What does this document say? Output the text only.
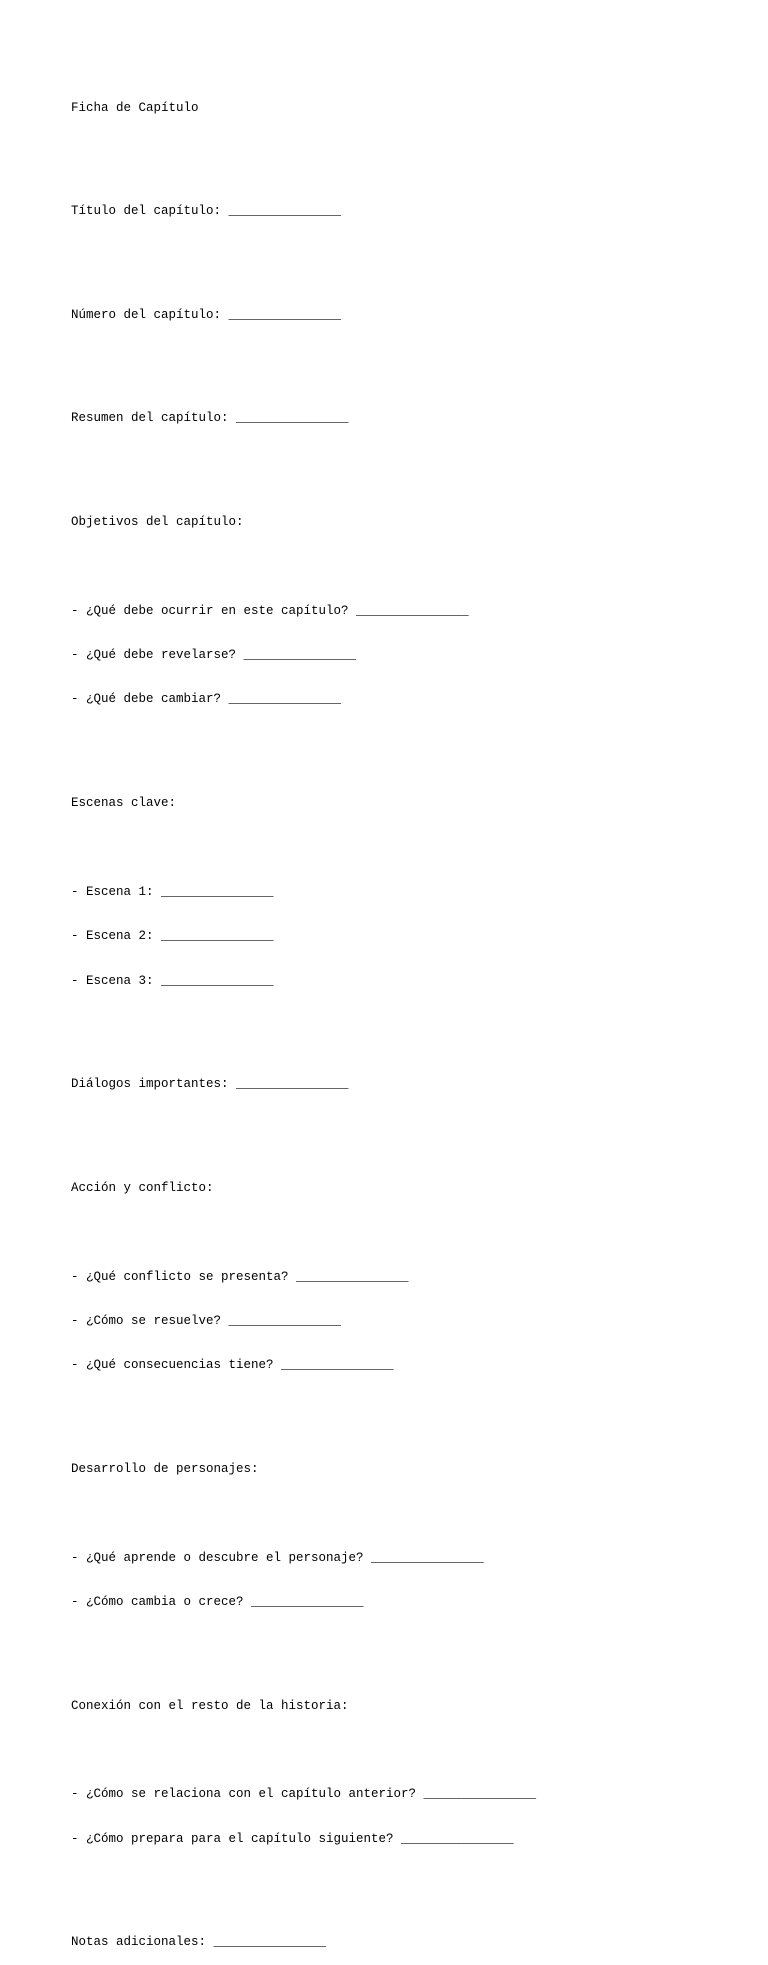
Ficha de Capítulo

Título del capítulo: _______________

Número del capítulo: _______________

Resumen del capítulo: _______________

Objetivos del capítulo:

- ¿Qué debe ocurrir en este capítulo? _______________

- ¿Qué debe revelarse? _______________

- ¿Qué debe cambiar? _______________

Escenas clave:

- Escena 1: _______________

- Escena 2: _______________

- Escena 3: _______________

Diálogos importantes: _______________

Acción y conflicto:

- ¿Qué conflicto se presenta? _______________

- ¿Cómo se resuelve? _______________

- ¿Qué consecuencias tiene? _______________

Desarrollo de personajes:

- ¿Qué aprende o descubre el personaje? _______________

- ¿Cómo cambia o crece? _______________

Conexión con el resto de la historia:

- ¿Cómo se relaciona con el capítulo anterior? _______________

- ¿Cómo prepara para el capítulo siguiente? _______________

Notas adicionales: _______________
